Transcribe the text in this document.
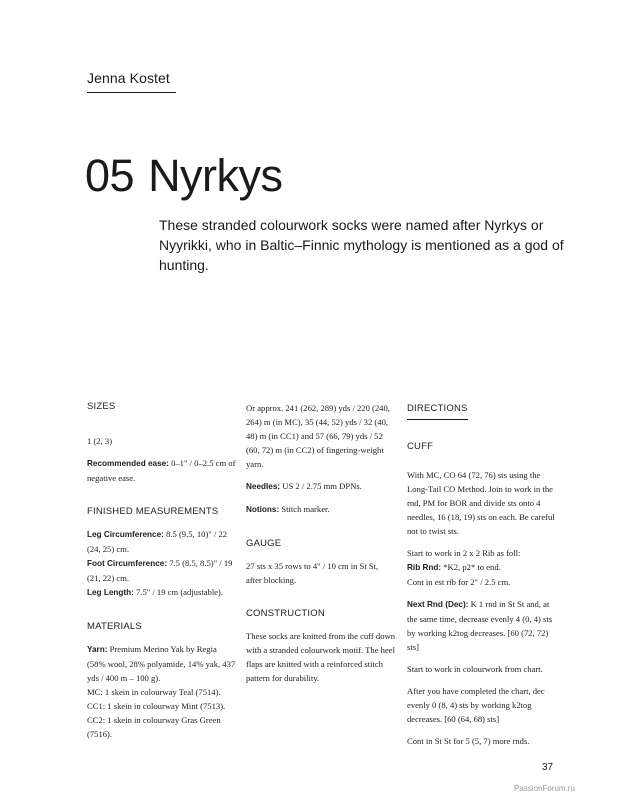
Jenna Kostet
05 Nyrkys
These stranded colourwork socks were named after Nyrkys or Nyyrikki, who in Baltic–Finnic mythology is mentioned as a god of hunting.
SIZES

1 (2, 3)

Recommended ease: 0–1" / 0–2.5 cm of negative ease.

FINISHED MEASUREMENTS

Leg Circumference: 8.5 (9.5, 10)" / 22 (24, 25) cm.

Foot Circumference: 7.5 (8.5, 8.5)" / 19 (21, 22) cm.

Leg Length: 7.5" / 19 cm (adjustable).

MATERIALS

Yarn: Premium Merino Yak by Regia (58% wool, 28% polyamide, 14% yak, 437 yds / 400 m – 100 g).

MC: 1 skein in colourway Teal (7514).

CC1: 1 skein in colourway Mint (7513).

CC2: 1 skein in colourway Gras Green (7516).

Or approx. 241 (262, 289) yds / 220 (240, 264) m (in MC), 35 (44, 52) yds / 32 (40, 48) m (in CC1) and 57 (66, 79) yds / 52 (60, 72) m (in CC2) of fingering-weight yarn.

Needles: US 2 / 2.75 mm DPNs.

Notions: Stitch marker.

GAUGE

27 sts x 35 rows to 4" / 10 cm in St St, after blocking.

CONSTRUCTION

These socks are knitted from the cuff down with a stranded colourwork motif. The heel flaps are knitted with a reinforced stitch pattern for durability.

DIRECTIONS
CUFF

With MC, CO 64 (72, 76) sts using the Long-Tail CO Method. Join to work in the rnd, PM for BOR and divide sts onto 4 needles, 16 (18, 19) sts on each. Be careful not to twist sts.

Start to work in 2 x 2 Rib as foll:

Rib Rnd: *K2, p2* to end.

Cont in est rib for 2" / 2.5 cm.

Next Rnd (Dec): K 1 rnd in St St and, at the same time, decrease evenly 4 (0, 4) sts by working k2tog decreases. [60 (72, 72) sts]

Start to work in colourwork from chart.

After you have completed the chart, dec evenly 0 (8, 4) sts by working k2tog decreases. [60 (64, 68) sts]

Cont in St St for 5 (5, 7) more rnds.

37
PassionForum.ru
